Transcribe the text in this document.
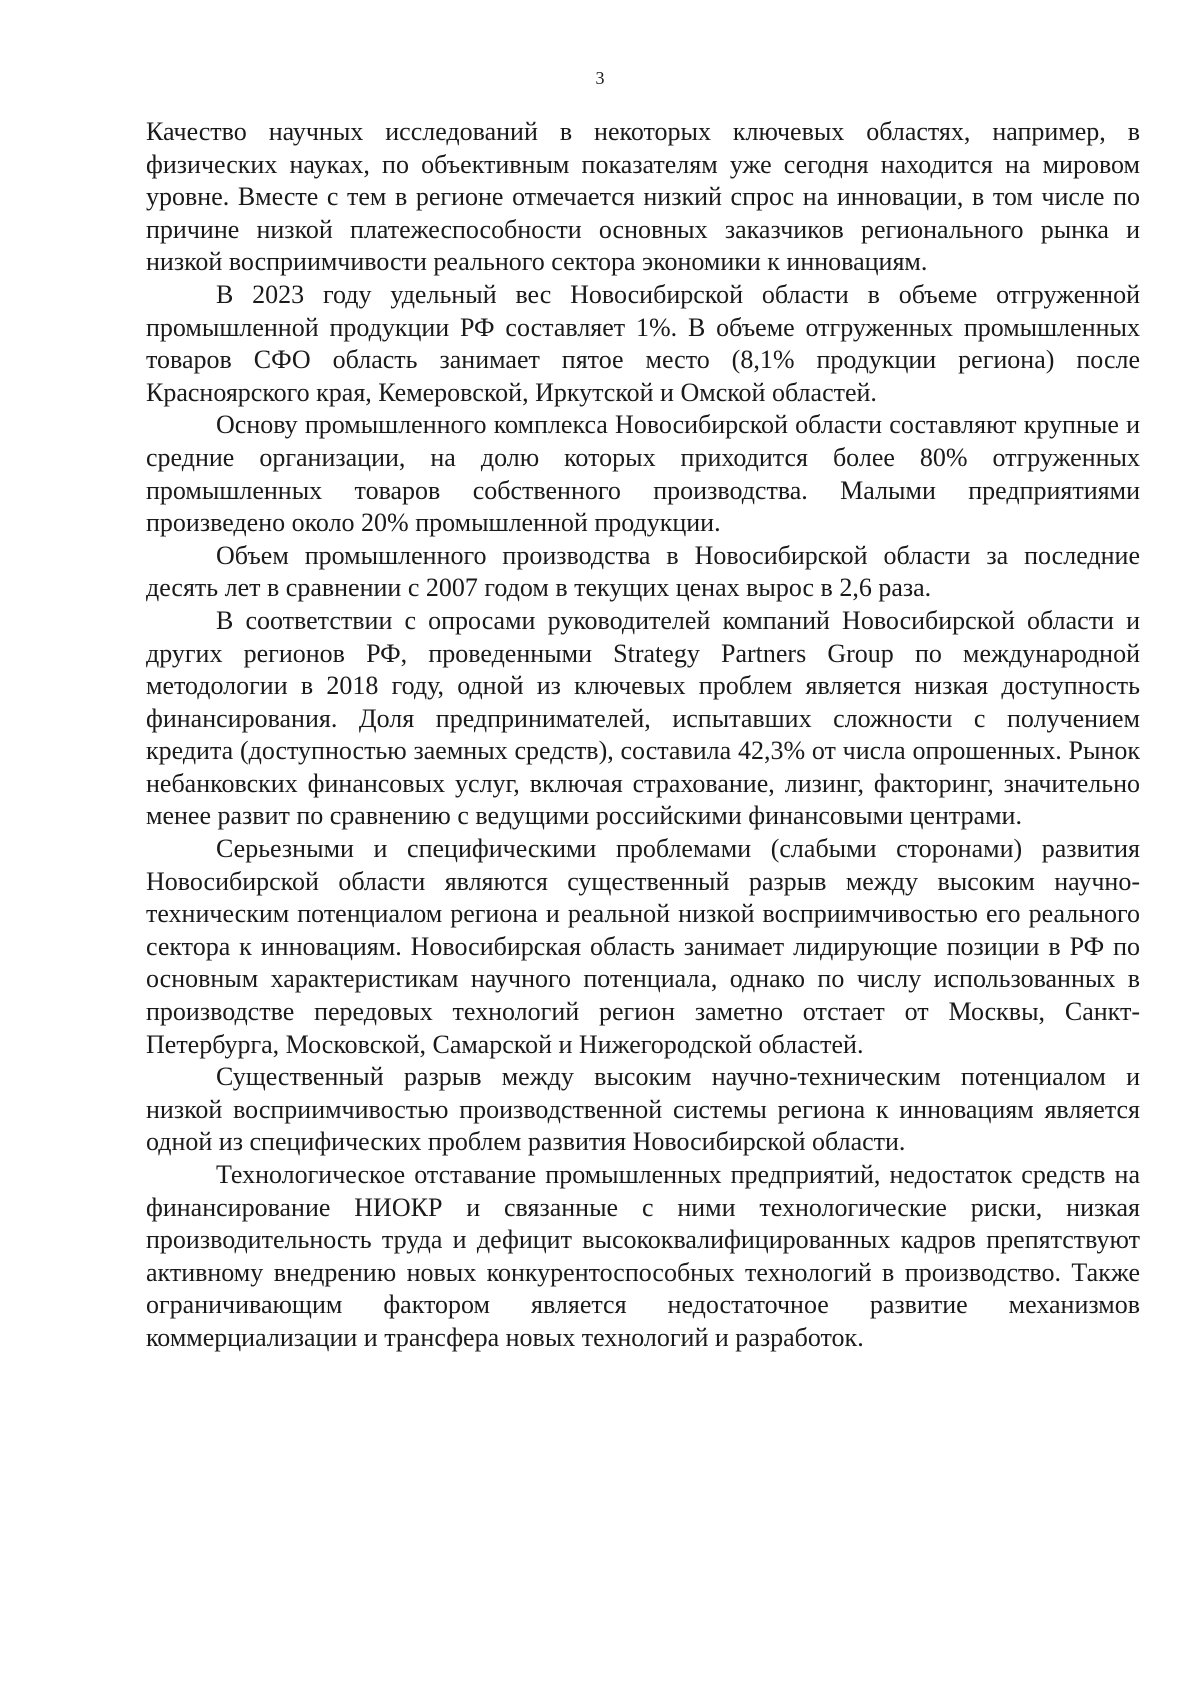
3

Качество научных исследований в некоторых ключевых областях, например, в физических науках, по объективным показателям уже сегодня находится на мировом уровне. Вместе с тем в регионе отмечается низкий спрос на инновации, в том числе по причине низкой платежеспособности основных заказчиков регионального рынка и низкой восприимчивости реального сектора экономики к инновациям.

В 2023 году удельный вес Новосибирской области в объеме отгруженной промышленной продукции РФ составляет 1%. В объеме отгруженных промышленных товаров СФО область занимает пятое место (8,1% продукции региона) после Красноярского края, Кемеровской, Иркутской и Омской областей.

Основу промышленного комплекса Новосибирской области составляют крупные и средние организации, на долю которых приходится более 80% отгруженных промышленных товаров собственного производства. Малыми предприятиями произведено около 20% промышленной продукции.

Объем промышленного производства в Новосибирской области за последние десять лет в сравнении с 2007 годом в текущих ценах вырос в 2,6 раза.

В соответствии с опросами руководителей компаний Новосибирской области и других регионов РФ, проведенными Strategy Partners Group по международной методологии в 2018 году, одной из ключевых проблем является низкая доступность финансирования. Доля предпринимателей, испытавших сложности с получением кредита (доступностью заемных средств), составила 42,3% от числа опрошенных. Рынок небанковских финансовых услуг, включая страхование, лизинг, факторинг, значительно менее развит по сравнению с ведущими российскими финансовыми центрами.

Серьезными и специфическими проблемами (слабыми сторонами) развития Новосибирской области являются существенный разрыв между высоким научно-техническим потенциалом региона и реальной низкой восприимчивостью его реального сектора к инновациям. Новосибирская область занимает лидирующие позиции в РФ по основным характеристикам научного потенциала, однако по числу использованных в производстве передовых технологий регион заметно отстает от Москвы, Санкт-Петербурга, Московской, Самарской и Нижегородской областей.

Существенный разрыв между высоким научно-техническим потенциалом и низкой восприимчивостью производственной системы региона к инновациям является одной из специфических проблем развития Новосибирской области.

Технологическое отставание промышленных предприятий, недостаток средств на финансирование НИОКР и связанные с ними технологические риски, низкая производительность труда и дефицит высококвалифицированных кадров препятствуют активному внедрению новых конкурентоспособных технологий в производство. Также ограничивающим фактором является недостаточное развитие механизмов коммерциализации и трансфера новых технологий и разработок.
